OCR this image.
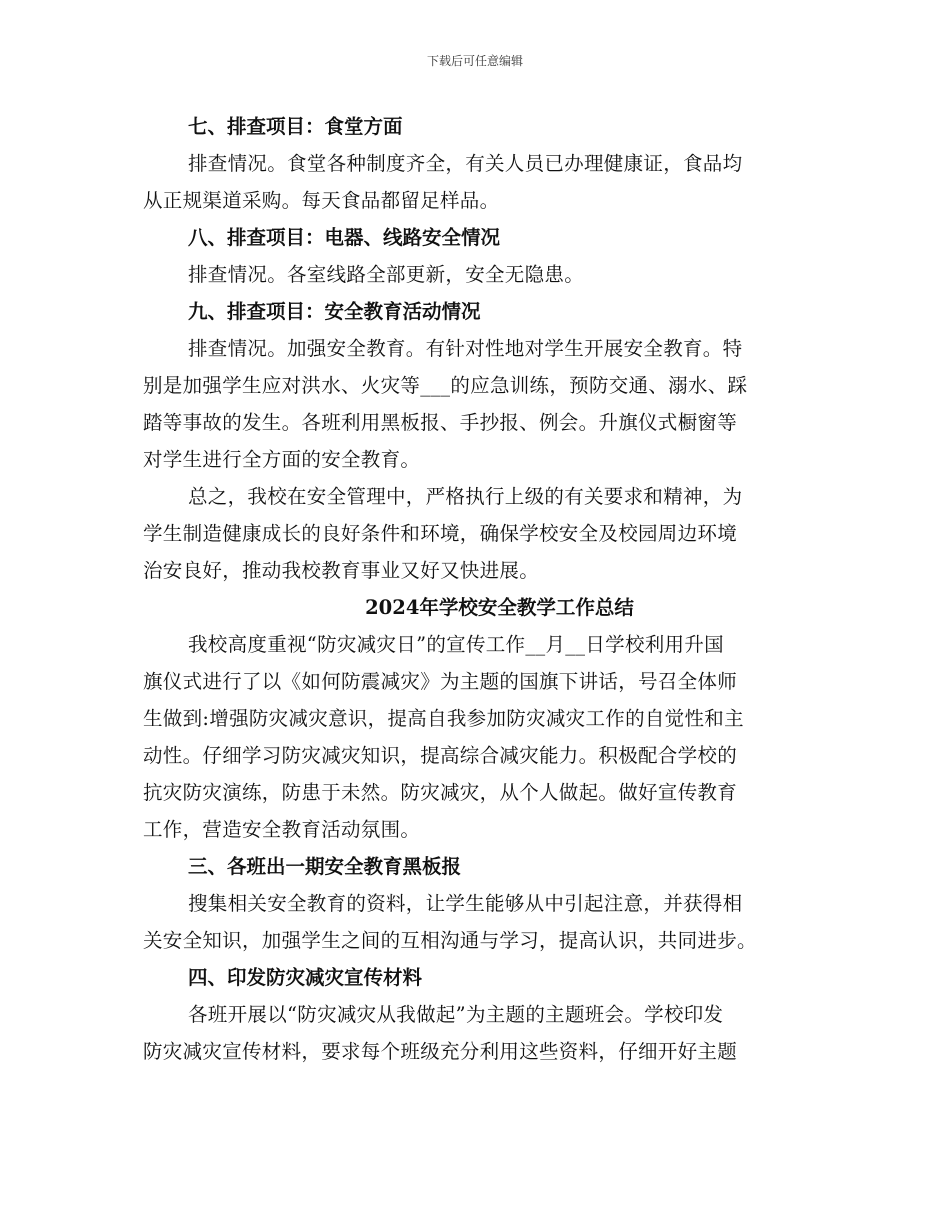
下载后可任意编辑
七、排查项目：食堂方面
排查情况。食堂各种制度齐全，有关人员已办理健康证，食品均
从正规渠道采购。每天食品都留足样品。
八、排查项目：电器、线路安全情况
排查情况。各室线路全部更新，安全无隐患。
九、排查项目：安全教育活动情况
排查情况。加强安全教育。有针对性地对学生开展安全教育。特
别是加强学生应对洪水、火灾等___的应急训练，预防交通、溺水、踩
踏等事故的发生。各班利用黑板报、手抄报、例会。升旗仪式橱窗等
对学生进行全方面的安全教育。
总之，我校在安全管理中，严格执行上级的有关要求和精神，为
学生制造健康成长的良好条件和环境，确保学校安全及校园周边环境
治安良好，推动我校教育事业又好又快进展。
2024年学校安全教学工作总结
我校高度重视“防灾减灾日”的宣传工作__月__日学校利用升国
旗仪式进行了以《如何防震减灾》为主题的国旗下讲话，号召全体师
生做到:增强防灾减灾意识，提高自我参加防灾减灾工作的自觉性和主
动性。仔细学习防灾减灾知识，提高综合减灾能力。积极配合学校的
抗灾防灾演练，防患于未然。防灾减灾，从个人做起。做好宣传教育
工作，营造安全教育活动氛围。
三、各班出一期安全教育黑板报
搜集相关安全教育的资料，让学生能够从中引起注意，并获得相
关安全知识，加强学生之间的互相沟通与学习，提高认识，共同进步。
四、印发防灾减灾宣传材料
各班开展以“防灾减灾从我做起”为主题的主题班会。学校印发
防灾减灾宣传材料，要求每个班级充分利用这些资料，仔细开好主题
